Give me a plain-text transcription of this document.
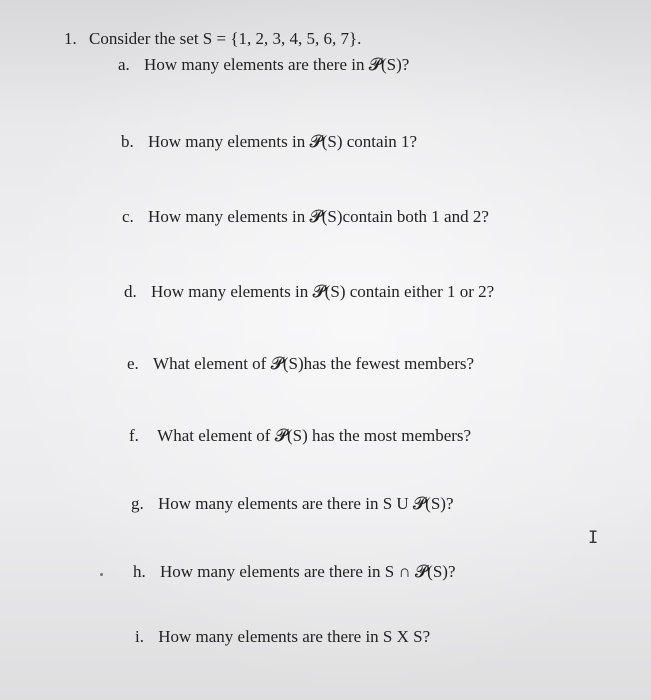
1. Consider the set S = {1, 2, 3, 4, 5, 6, 7}.
a. How many elements are there in 𝓟(S)?
b. How many elements in 𝓟(S) contain 1?
c. How many elements in 𝓟(S)contain both 1 and 2?
d. How many elements in 𝓟(S) contain either 1 or 2?
e. What element of 𝓟(S)has the fewest members?
f. What element of 𝓟(S) has the most members?
g. How many elements are there in S U 𝓟(S)?
h. How many elements are there in S ∩ 𝓟(S)?
i. How many elements are there in S X S?
I
